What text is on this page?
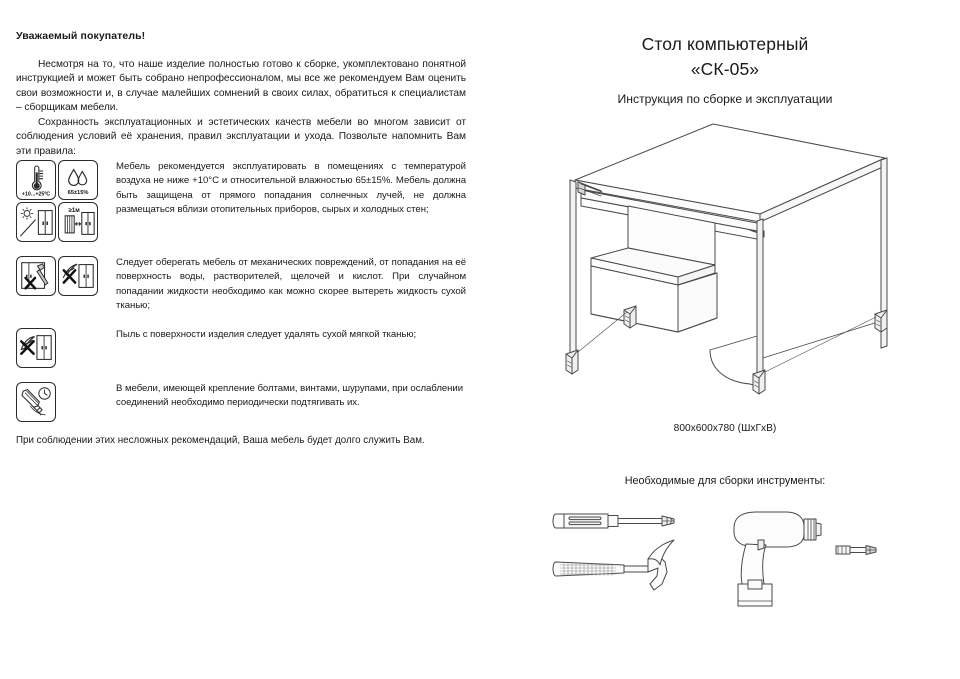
Уважаемый покупатель!

Несмотря на то, что наше изделие полностью готово к сборке, укомплектовано понятной инструкцией и может быть собрано непрофессионалом, мы все же рекомендуем Вам оценить свои возможности и, в случае малейших сомнений в своих силах, обратиться к специалистам – сборщикам мебели.

Сохранность эксплуатационных и эстетических качеств мебели во многом зависит от соблюдения условий её хранения, правил эксплуатации и ухода. Позвольте напомнить Вам эти правила:

+10...+25ºC	65±15%
≥1м
Мебель рекомендуется эксплуатировать в помещениях с температурой воздуха не ниже +10°С и относительной влажностью 65±15%. Мебель должна быть защищена от прямого попадания солнечных лучей, не должна размещаться вблизи отопительных приборов, сырых и холодных стен;
Следует оберегать мебель от механических повреждений, от попадания на её поверхность воды, растворителей, щелочей и кислот. При случайном попадании жидкости необходимо как можно скорее вытереть жидкость сухой тканью;
Пыль с поверхности изделия следует удалять сухой мягкой тканью;
В мебели, имеющей крепление болтами, винтами, шурупами, при ослаблении соединений необходимо периодически подтягивать их.
При соблюдении этих несложных рекомендаций, Ваша мебель будет долго служить Вам.
Стол компьютерный
«СК-05»
Инструкция по сборке и эксплуатации
800x600x780 (ШхГхВ)
Необходимые для сборки инструменты:
